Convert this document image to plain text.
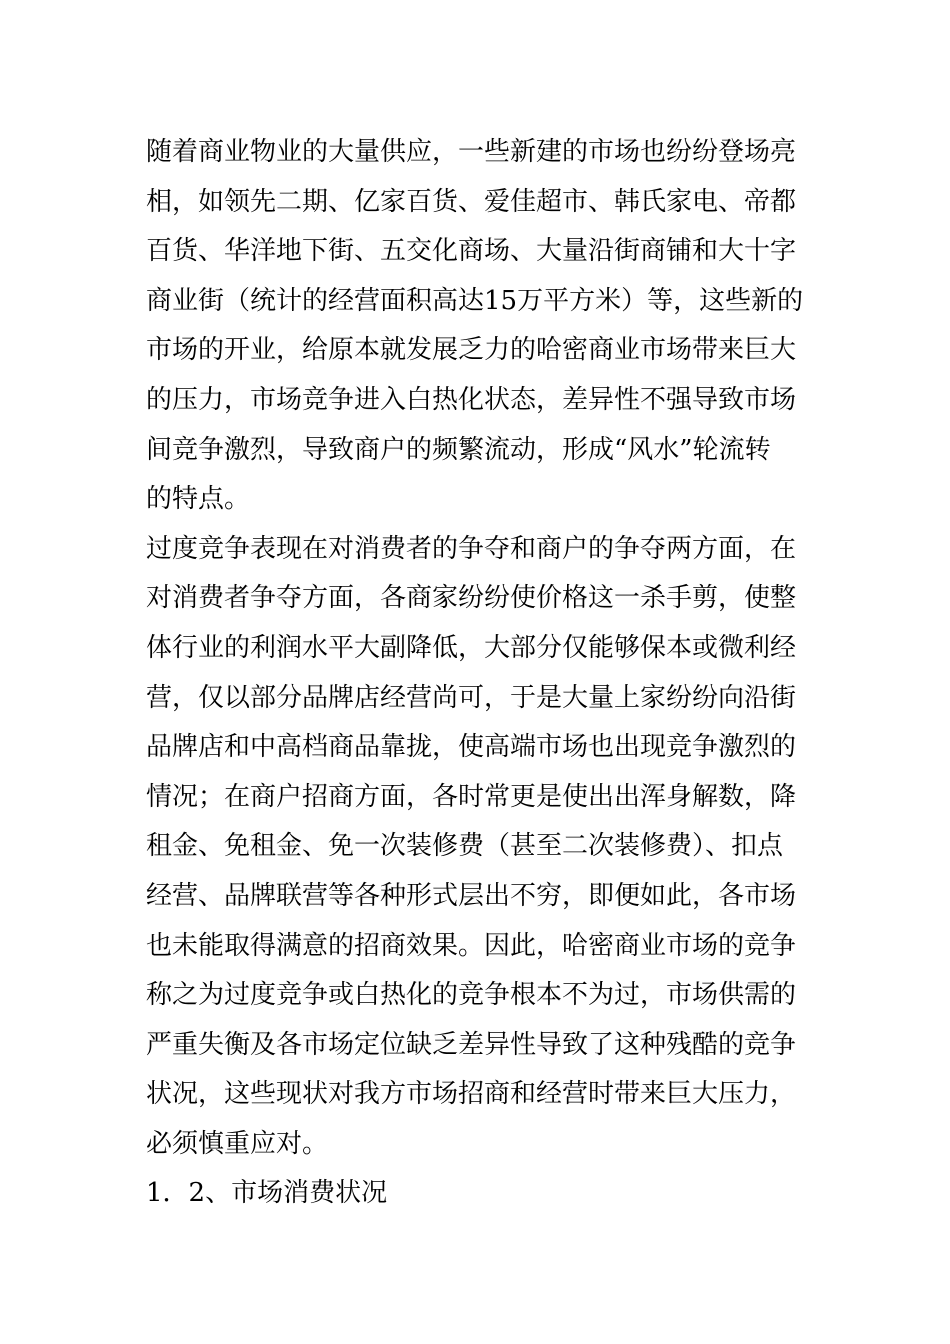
随着商业物业的大量供应，一些新建的市场也纷纷登场亮
相，如领先二期、亿家百货、爱佳超市、韩氏家电、帝都
百货、华洋地下街、五交化商场、大量沿街商铺和大十字
商业街（统计的经营面积高达15万平方米）等，这些新的
市场的开业，给原本就发展乏力的哈密商业市场带来巨大
的压力，市场竞争进入白热化状态，差异性不强导致市场
间竞争激烈，导致商户的频繁流动，形成“风水”轮流转
的特点。
过度竞争表现在对消费者的争夺和商户的争夺两方面，在
对消费者争夺方面，各商家纷纷使价格这一杀手剪，使整
体行业的利润水平大副降低，大部分仅能够保本或微利经
营，仅以部分品牌店经营尚可，于是大量上家纷纷向沿街
品牌店和中高档商品靠拢，使高端市场也出现竞争激烈的
情况；在商户招商方面，各时常更是使出出浑身解数，降
租金、免租金、免一次装修费（甚至二次装修费）、扣点
经营、品牌联营等各种形式层出不穷，即便如此，各市场
也未能取得满意的招商效果。因此，哈密商业市场的竞争
称之为过度竞争或白热化的竞争根本不为过，市场供需的
严重失衡及各市场定位缺乏差异性导致了这种残酷的竞争
状况，这些现状对我方市场招商和经营时带来巨大压力，
必须慎重应对。
1．2、市场消费状况
